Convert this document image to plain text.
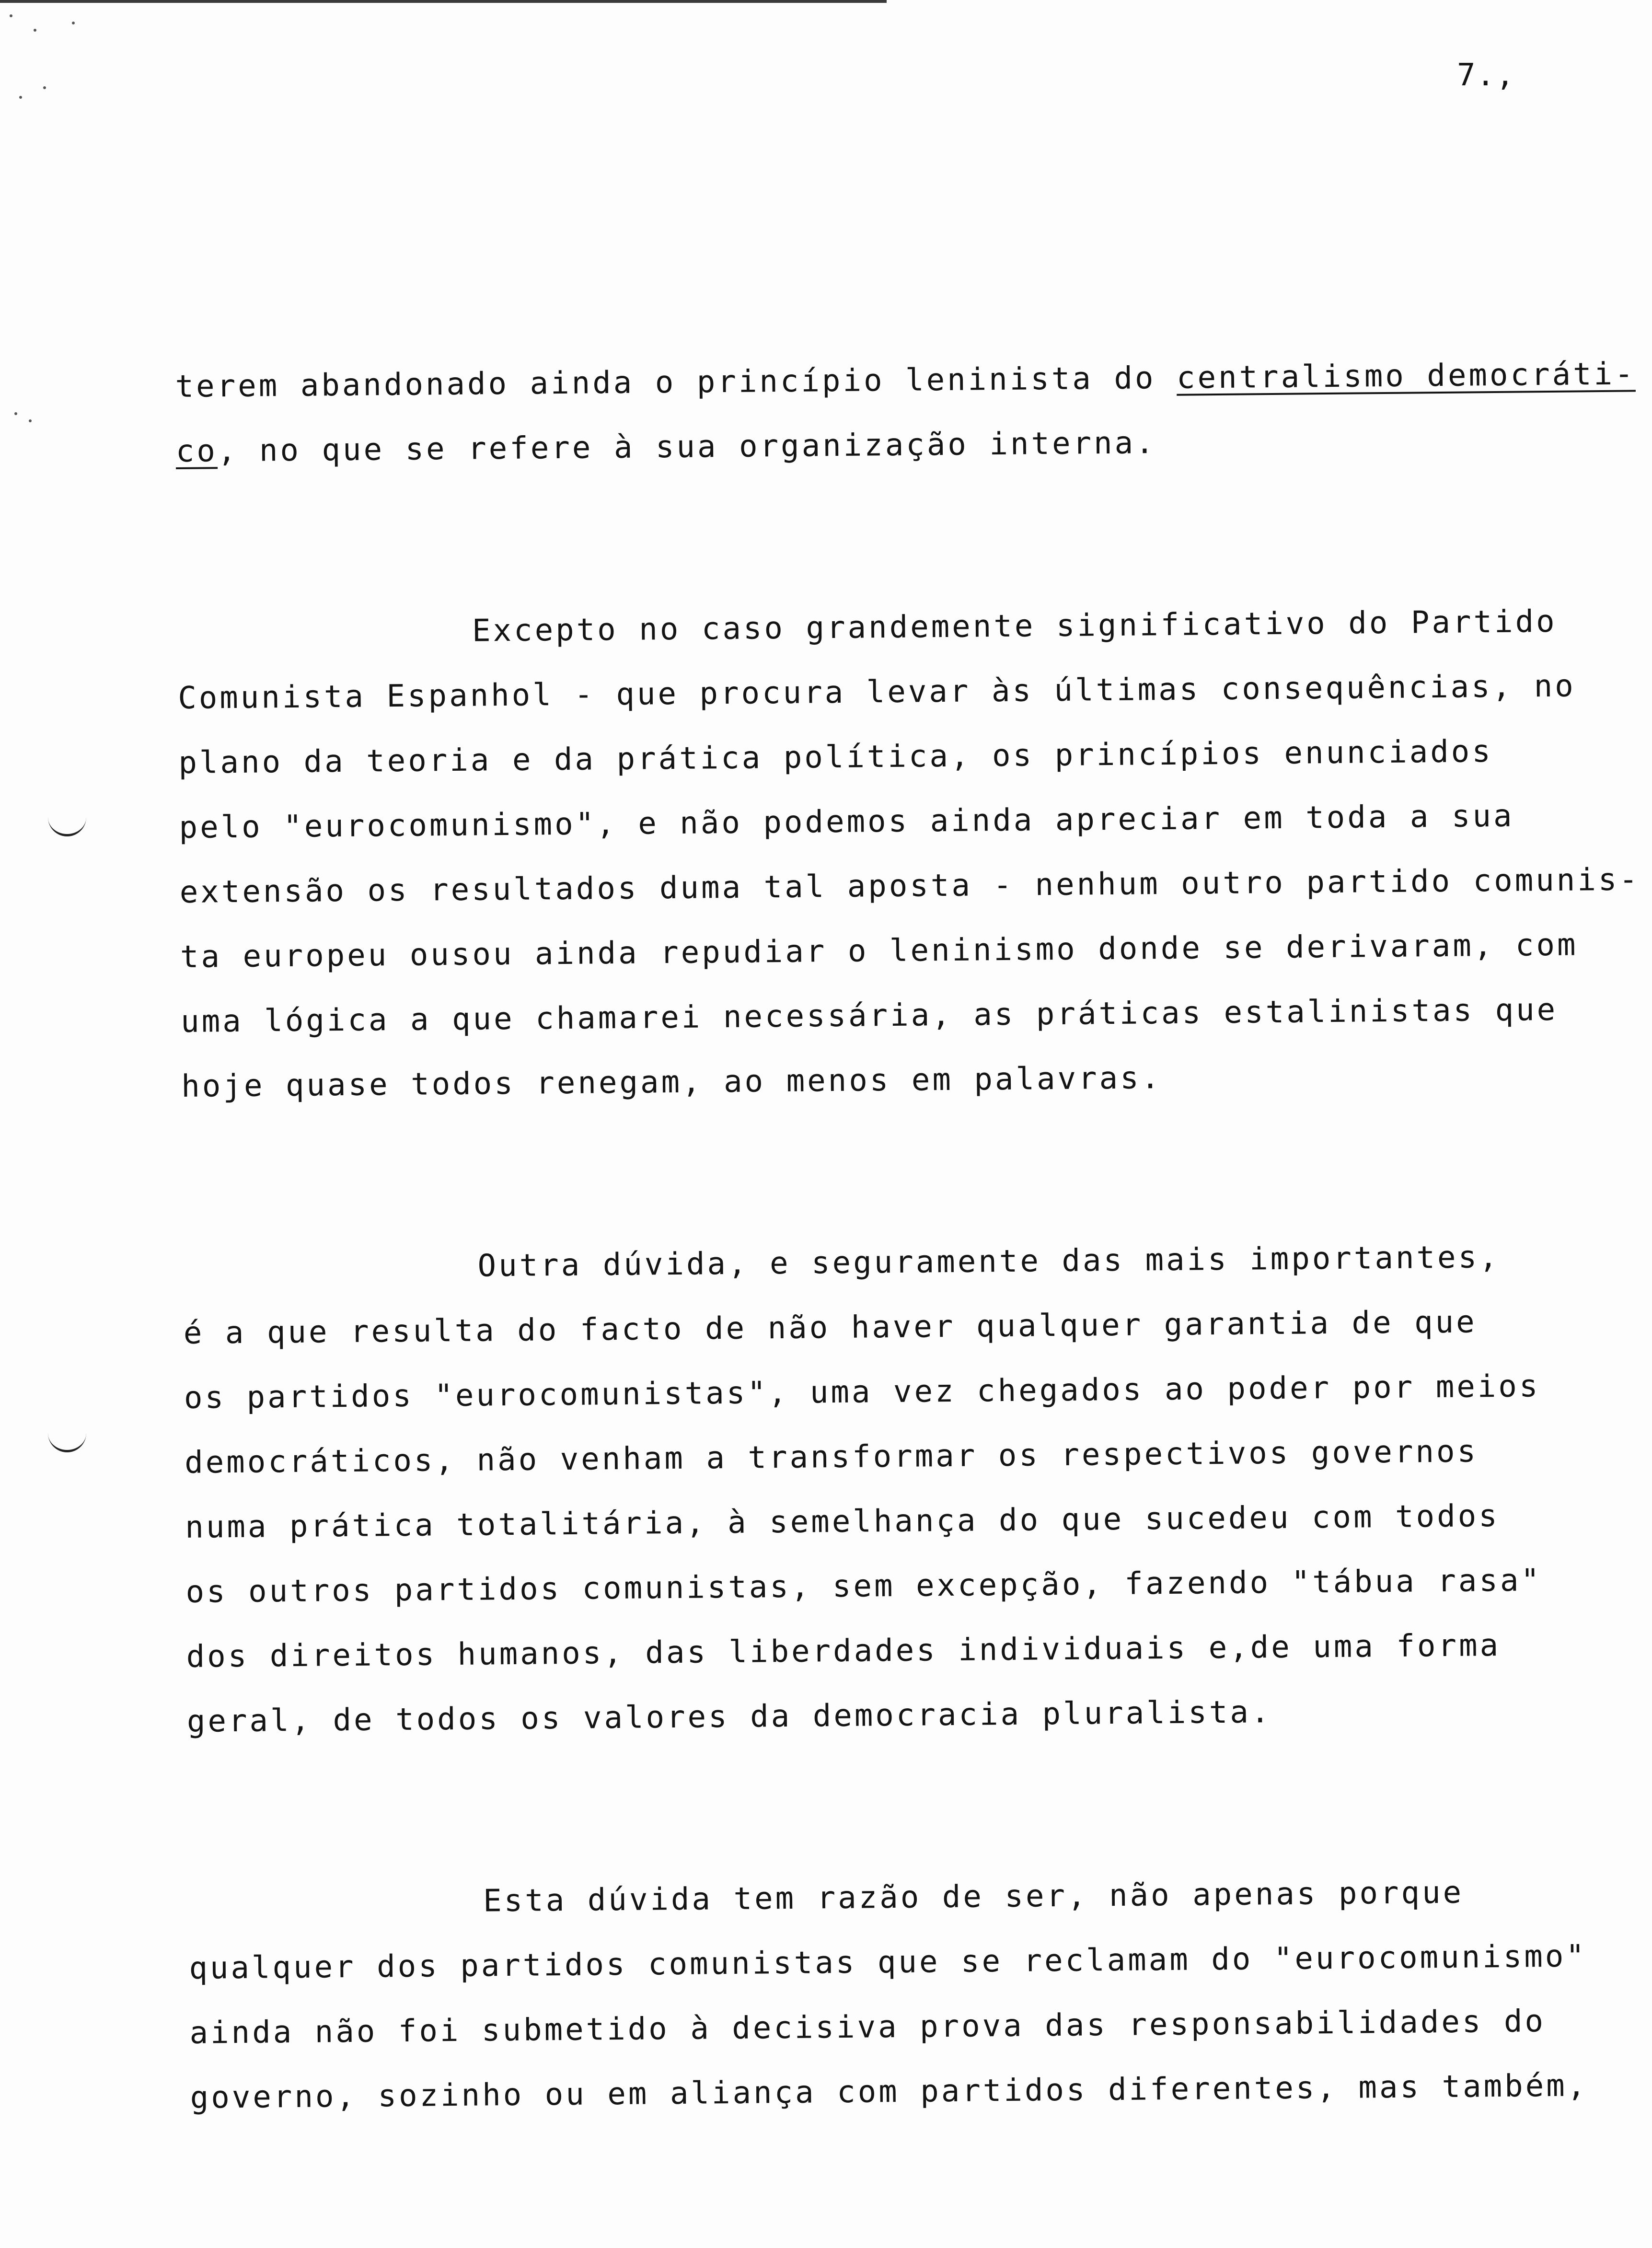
7.,
terem abandonado ainda o princípio leninista do centralismo democráti-
co, no que se refere à sua organização interna.
Excepto no caso grandemente significativo do Partido
Comunista Espanhol - que procura levar às últimas consequências, no
plano da teoria e da prática política, os princípios enunciados
pelo "eurocomunismo", e não podemos ainda apreciar em toda a sua
extensão os resultados duma tal aposta - nenhum outro partido comunis-
ta europeu ousou ainda repudiar o leninismo donde se derivaram, com
uma lógica a que chamarei necessária, as práticas estalinistas que
hoje quase todos renegam, ao menos em palavras.
Outra dúvida, e seguramente das mais importantes,
é a que resulta do facto de não haver qualquer garantia de que
os partidos "eurocomunistas", uma vez chegados ao poder por meios
democráticos, não venham a transformar os respectivos governos
numa prática totalitária, à semelhança do que sucedeu com todos
os outros partidos comunistas, sem excepção, fazendo "tábua rasa"
dos direitos humanos, das liberdades individuais e,de uma forma
geral, de todos os valores da democracia pluralista.
Esta dúvida tem razão de ser, não apenas porque
qualquer dos partidos comunistas que se reclamam do "eurocomunismo"
ainda não foi submetido à decisiva prova das responsabilidades do
governo, sozinho ou em aliança com partidos diferentes, mas também,
